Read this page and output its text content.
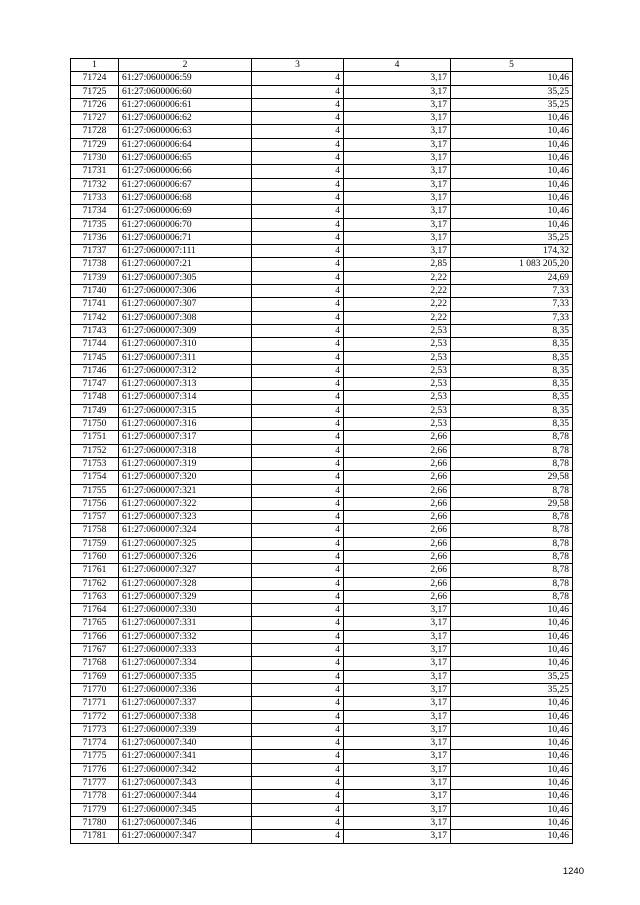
1	2	3	4	5
71724	61:27:0600006:59	4	3,17	10,46
71725	61:27:0600006:60	4	3,17	35,25
71726	61:27:0600006:61	4	3,17	35,25
71727	61:27:0600006:62	4	3,17	10,46
71728	61:27:0600006:63	4	3,17	10,46
71729	61:27:0600006:64	4	3,17	10,46
71730	61:27:0600006:65	4	3,17	10,46
71731	61:27:0600006:66	4	3,17	10,46
71732	61:27:0600006:67	4	3,17	10,46
71733	61:27:0600006:68	4	3,17	10,46
71734	61:27:0600006:69	4	3,17	10,46
71735	61:27:0600006:70	4	3,17	10,46
71736	61:27:0600006:71	4	3,17	35,25
71737	61:27:0600007:111	4	3,17	174,32
71738	61:27:0600007:21	4	2,85	1 083 205,20
71739	61:27:0600007:305	4	2,22	24,69
71740	61:27:0600007:306	4	2,22	7,33
71741	61:27:0600007:307	4	2,22	7,33
71742	61:27:0600007:308	4	2,22	7,33
71743	61:27:0600007:309	4	2,53	8,35
71744	61:27:0600007:310	4	2,53	8,35
71745	61:27:0600007:311	4	2,53	8,35
71746	61:27:0600007:312	4	2,53	8,35
71747	61:27:0600007:313	4	2,53	8,35
71748	61:27:0600007:314	4	2,53	8,35
71749	61:27:0600007:315	4	2,53	8,35
71750	61:27:0600007:316	4	2,53	8,35
71751	61:27:0600007:317	4	2,66	8,78
71752	61:27:0600007:318	4	2,66	8,78
71753	61:27:0600007:319	4	2,66	8,78
71754	61:27:0600007:320	4	2,66	29,58
71755	61:27:0600007:321	4	2,66	8,78
71756	61:27:0600007:322	4	2,66	29,58
71757	61:27:0600007:323	4	2,66	8,78
71758	61:27:0600007:324	4	2,66	8,78
71759	61:27:0600007:325	4	2,66	8,78
71760	61:27:0600007:326	4	2,66	8,78
71761	61:27:0600007:327	4	2,66	8,78
71762	61:27:0600007:328	4	2,66	8,78
71763	61:27:0600007:329	4	2,66	8,78
71764	61:27:0600007:330	4	3,17	10,46
71765	61:27:0600007:331	4	3,17	10,46
71766	61:27:0600007:332	4	3,17	10,46
71767	61:27:0600007:333	4	3,17	10,46
71768	61:27:0600007:334	4	3,17	10,46
71769	61:27:0600007:335	4	3,17	35,25
71770	61:27:0600007:336	4	3,17	35,25
71771	61:27:0600007:337	4	3,17	10,46
71772	61:27:0600007:338	4	3,17	10,46
71773	61:27:0600007:339	4	3,17	10,46
71774	61:27:0600007:340	4	3,17	10,46
71775	61:27:0600007:341	4	3,17	10,46
71776	61:27:0600007:342	4	3,17	10,46
71777	61:27:0600007:343	4	3,17	10,46
71778	61:27:0600007:344	4	3,17	10,46
71779	61:27:0600007:345	4	3,17	10,46
71780	61:27:0600007:346	4	3,17	10,46
71781	61:27:0600007:347	4	3,17	10,46
1240
